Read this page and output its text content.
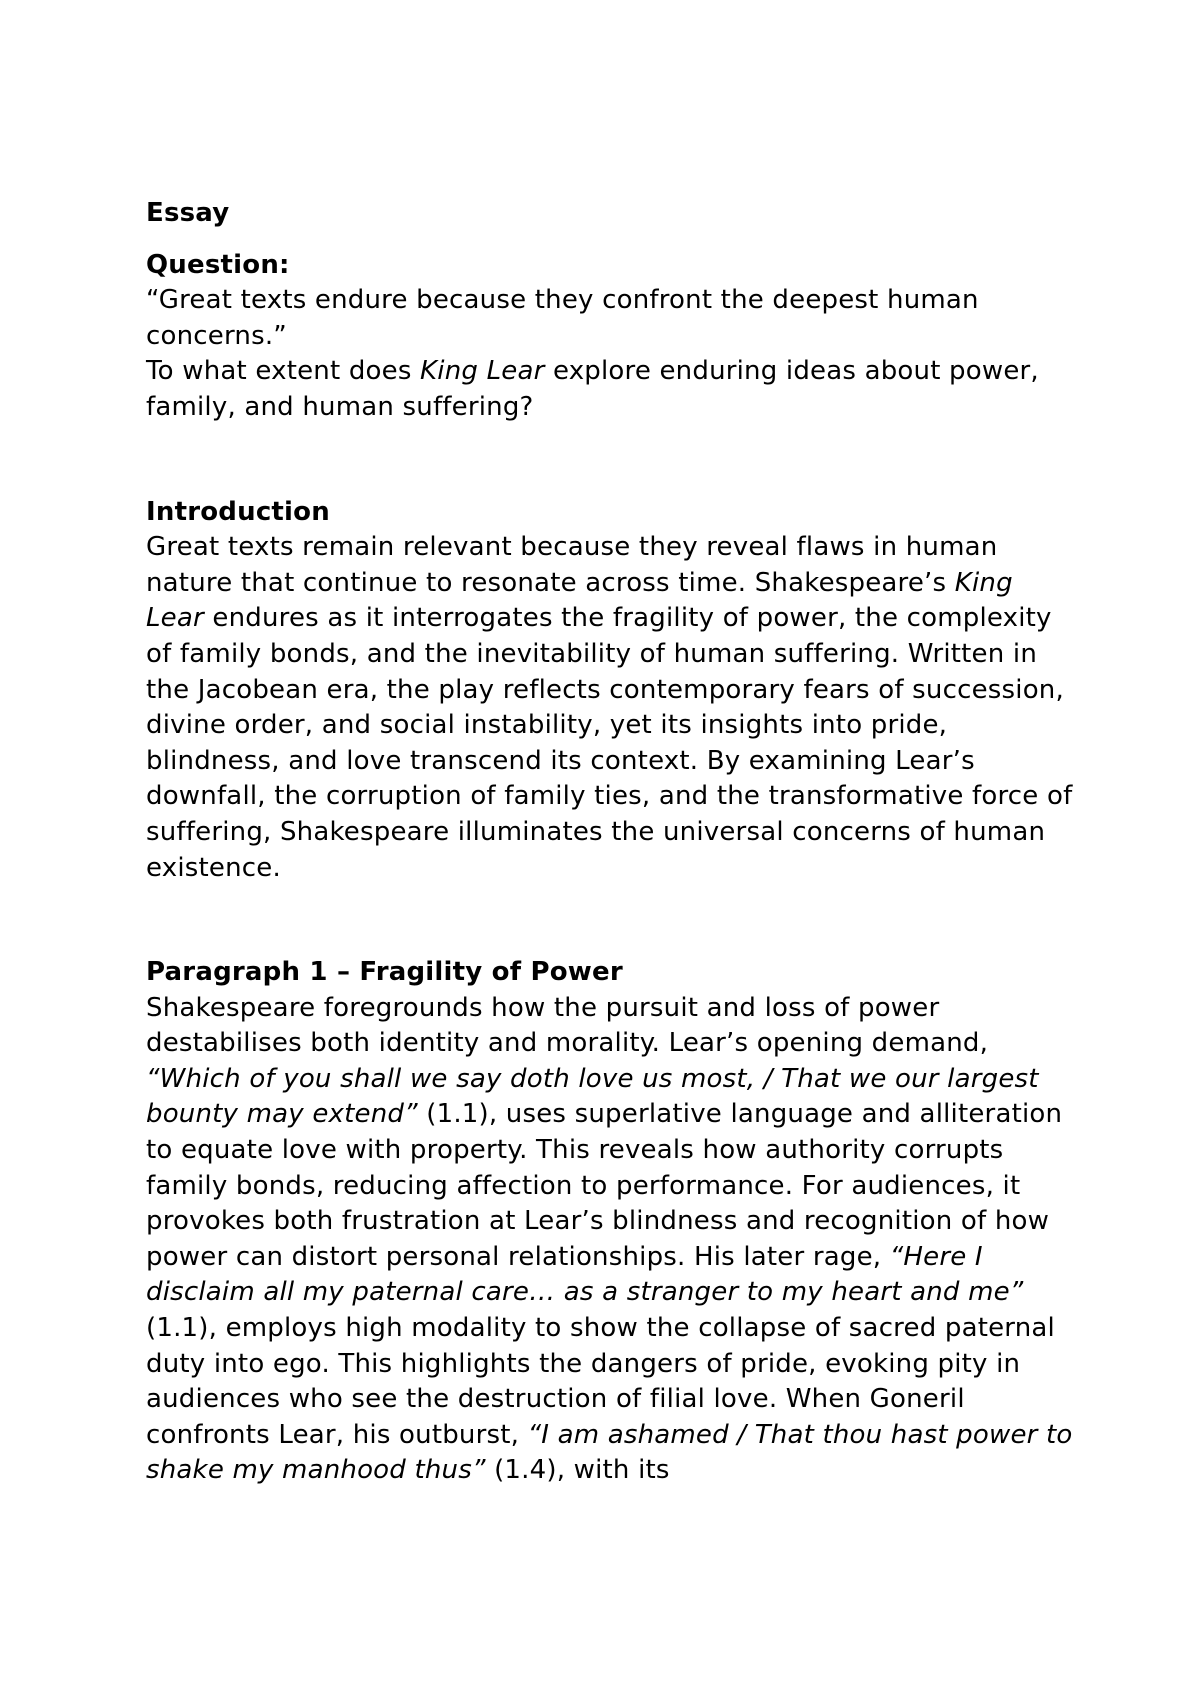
Essay

Question:

“Great texts endure because they confront the deepest human concerns.”

To what extent does King Lear explore enduring ideas about power, family, and human suffering?

Introduction

Great texts remain relevant because they reveal flaws in human nature that continue to resonate across time. Shakespeare’s King Lear endures as it interrogates the fragility of power, the complexity of family bonds, and the inevitability of human suffering. Written in the Jacobean era, the play reflects contemporary fears of succession, divine order, and social instability, yet its insights into pride, blindness, and love transcend its context. By examining Lear’s downfall, the corruption of family ties, and the transformative force of suffering, Shakespeare illuminates the universal concerns of human existence.

Paragraph 1 – Fragility of Power

Shakespeare foregrounds how the pursuit and loss of power destabilises both identity and morality. Lear’s opening demand, “Which of you shall we say doth love us most, / That we our largest bounty may extend” (1.1), uses superlative language and alliteration to equate love with property. This reveals how authority corrupts family bonds, reducing affection to performance. For audiences, it provokes both frustration at Lear’s blindness and recognition of how power can distort personal relationships. His later rage, “Here I disclaim all my paternal care… as a stranger to my heart and me” (1.1), employs high modality to show the collapse of sacred paternal duty into ego. This highlights the dangers of pride, evoking pity in audiences who see the destruction of filial love. When Goneril confronts Lear, his outburst, “I am ashamed / That thou hast power to shake my manhood thus” (1.4), with its
